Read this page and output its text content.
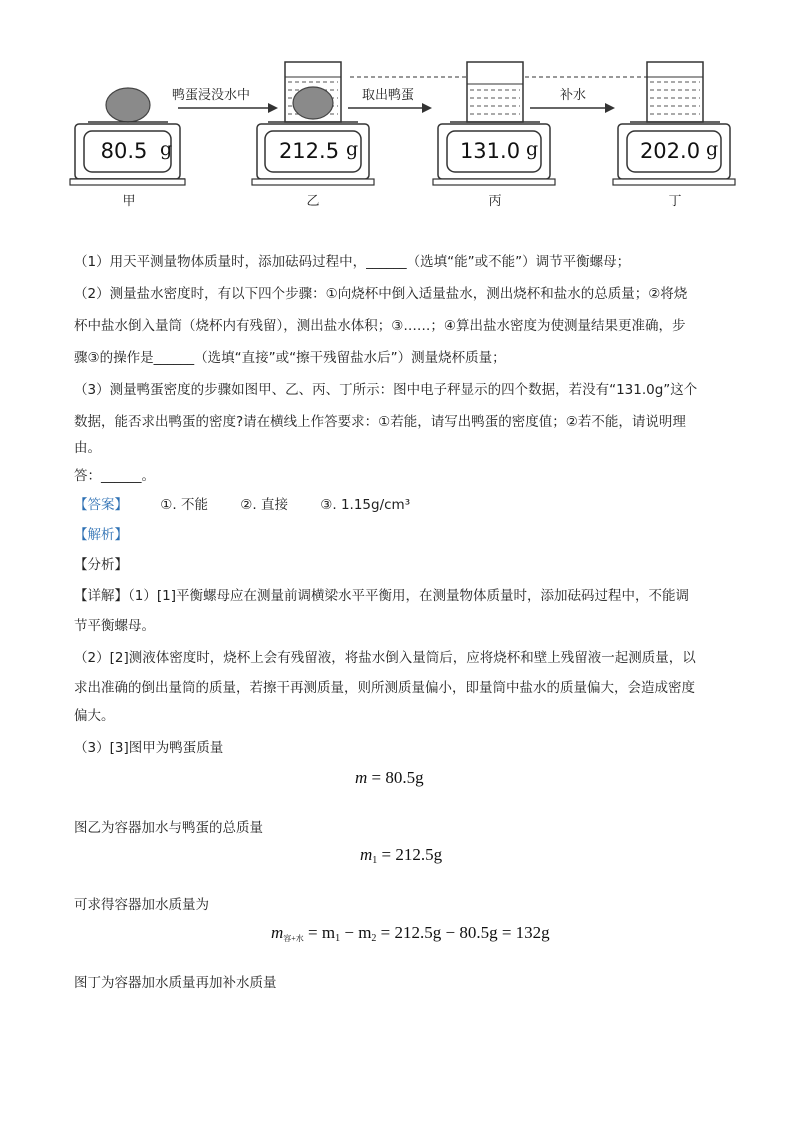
80.5 g	212.5 g	131.0 g	202.0 g
鸭蛋浸没水中	取出鸭蛋	补水
甲	乙	丙	丁
（1）用天平测量物体质量时，添加砝码过程中，______（选填“能”或不能”）调节平衡螺母；
（2）测量盐水密度时，有以下四个步骤：①向烧杯中倒入适量盐水，测出烧杯和盐水的总质量；②将烧
杯中盐水倒入量筒（烧杯内有残留），测出盐水体积；③……；④算出盐水密度为使测量结果更准确，步
骤③的操作是______（选填“直接”或“擦干残留盐水后”）测量烧杯质量；
（3）测量鸭蛋密度的步骤如图甲、乙、丙、丁所示：图中电子秤显示的四个数据，若没有“131.0g”这个
数据，能否求出鸭蛋的密度?请在横线上作答要求：①若能，请写出鸭蛋的密度值；②若不能，请说明理
由。
答：______。
【答案】 ①. 不能 ②. 直接 ③. 1.15g/cm³
【解析】
【分析】
【详解】（1）[1]平衡螺母应在测量前调横梁水平平衡用，在测量物体质量时，添加砝码过程中，不能调
节平衡螺母。
（2）[2]测液体密度时，烧杯上会有残留液，将盐水倒入量筒后，应将烧杯和壁上残留液一起测质量，以
求出准确的倒出量筒的质量，若擦干再测质量，则所测质量偏小，即量筒中盐水的质量偏大，会造成密度
偏大。
（3）[3]图甲为鸭蛋质量
m = 80.5g
图乙为容器加水与鸭蛋的总质量
$m_1 = 212.5g$
可求得容器加水质量为
$m_{容+水} = m_1 - m_2 = 212.5g - 80.5g = 132g$
图丁为容器加水质量再加补水质量
